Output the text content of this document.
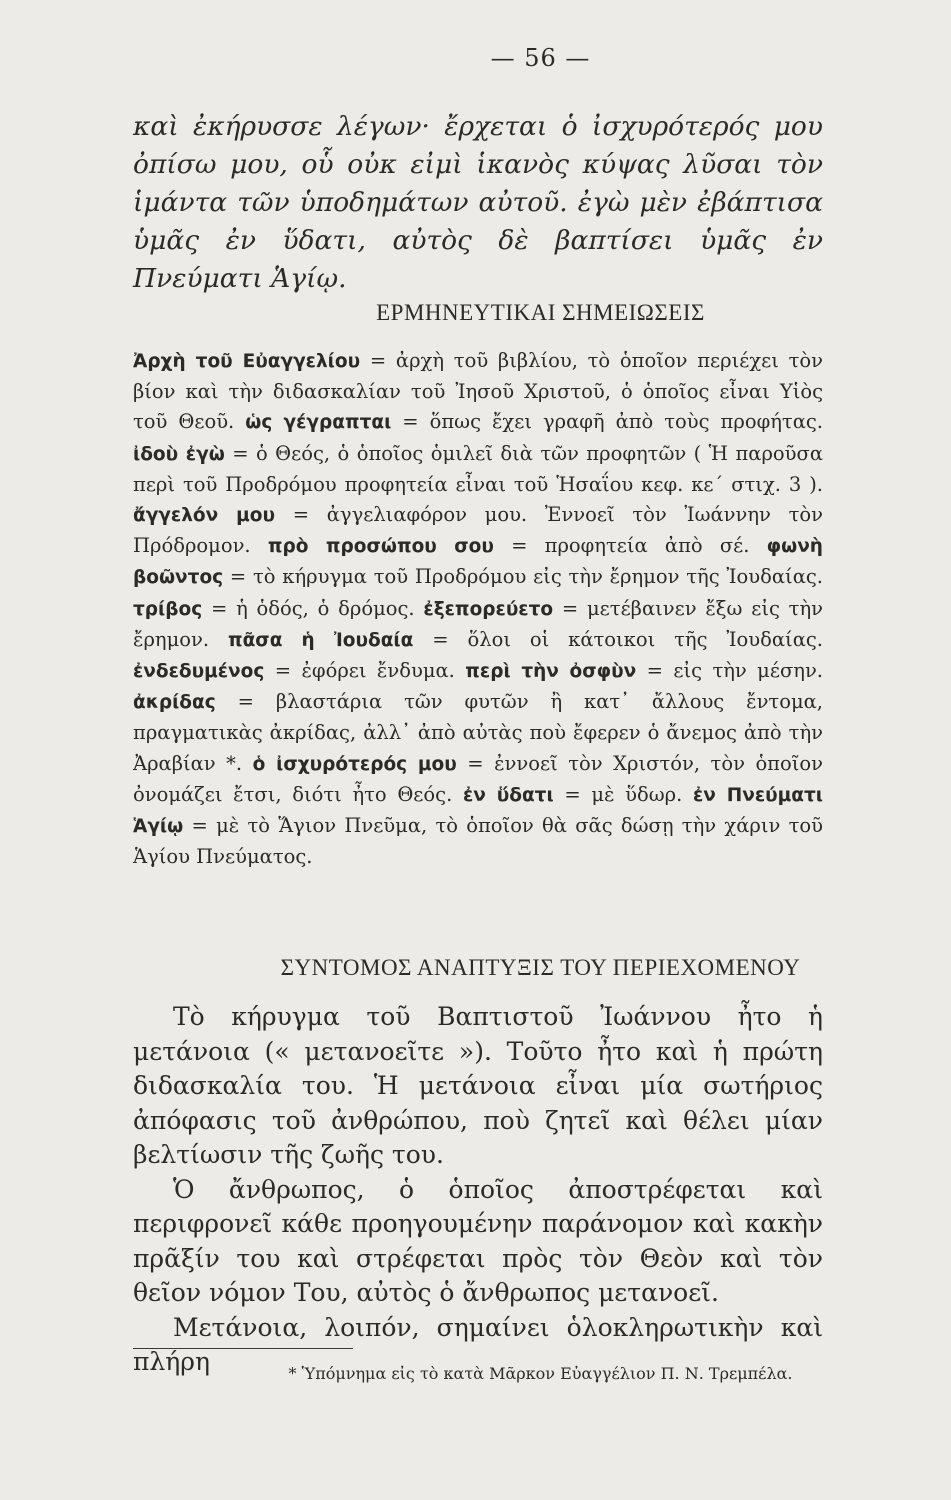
— 56 —
καὶ ἐκήρυσσε λέγων· ἔρχεται ὁ ἰσχυρότερός μου ὀπίσω μου, οὗ οὐκ εἰμὶ ἱκανὸς κύψας λῦσαι τὸν ἱμάντα τῶν ὑποδημάτων αὐτοῦ. ἐγὼ μὲν ἐβάπτισα ὑμᾶς ἐν ὕδατι, αὐτὸς δὲ βαπτίσει ὑμᾶς ἐν Πνεύματι Ἁγίῳ.
ΕΡΜΗΝΕΥΤΙΚΑΙ ΣΗΜΕΙΩΣΕΙΣ
Ἀρχὴ τοῦ Εὐαγγελίου = ἀρχὴ τοῦ βιβλίου, τὸ ὁποῖον περιέχει τὸν βίον καὶ τὴν διδασκαλίαν τοῦ Ἰησοῦ Χριστοῦ, ὁ ὁποῖος εἶναι Υἱὸς τοῦ Θεοῦ. ὡς γέγραπται = ὅπως ἔχει γραφῆ ἀπὸ τοὺς προφήτας. ἰδοὺ ἐγὼ = ὁ Θεός, ὁ ὁποῖος ὁμιλεῖ διὰ τῶν προφητῶν ( Ἡ παροῦσα περὶ τοῦ Προδρόμου προφητεία εἶναι τοῦ Ἡσαΐου κεφ. κε´ στιχ. 3 ). ἄγγελόν μου = ἀγγελιαφόρον μου. Ἐννοεῖ τὸν Ἰωάννην τὸν Πρόδρομον. πρὸ προσώπου σου = προφητεία ἀπὸ σέ. φωνὴ βοῶντος = τὸ κήρυγμα τοῦ Προδρόμου εἰς τὴν ἔρημον τῆς Ἰουδαίας. τρίβος = ἡ ὁδός, ὁ δρόμος. ἐξεπορεύετο = μετέβαινεν ἔξω εἰς τὴν ἔρημον. πᾶσα ἡ Ἰουδαία = ὅλοι οἱ κάτοικοι τῆς Ἰουδαίας. ἐνδεδυμένος = ἐφόρει ἔνδυμα. περὶ τὴν ὀσφὺν = εἰς τὴν μέσην. ἀκρίδας = βλαστάρια τῶν φυτῶν ἢ κατ᾽ ἄλλους ἔντομα, πραγματικὰς ἀκρίδας, ἀλλ᾽ ἀπὸ αὐτὰς ποὺ ἔφερεν ὁ ἄνεμος ἀπὸ τὴν Ἀραβίαν *. ὁ ἰσχυρότερός μου = ἐννοεῖ τὸν Χριστόν, τὸν ὁποῖον ὀνομάζει ἔτσι, διότι ἦτο Θεός. ἐν ὕδατι = μὲ ὕδωρ. ἐν Πνεύματι Ἁγίῳ = μὲ τὸ Ἅγιον Πνεῦμα, τὸ ὁποῖον θὰ σᾶς δώσῃ τὴν χάριν τοῦ Ἁγίου Πνεύματος.
ΣΥΝΤΟΜΟΣ ΑΝΑΠΤΥΞΙΣ ΤΟΥ ΠΕΡΙΕΧΟΜΕΝΟΥ

Τὸ κήρυγμα τοῦ Βαπτιστοῦ Ἰωάννου ἦτο ἡ μετάνοια (« μετανοεῖτε »). Τοῦτο ἦτο καὶ ἡ πρώτη διδασκαλία του. Ἡ μετάνοια εἶναι μία σωτήριος ἀπόφασις τοῦ ἀνθρώπου, ποὺ ζητεῖ καὶ θέλει μίαν βελτίωσιν τῆς ζωῆς του.

Ὁ ἄνθρωπος, ὁ ὁποῖος ἀποστρέφεται καὶ περιφρονεῖ κάθε προηγουμένην παράνομον καὶ κακὴν πρᾶξίν του καὶ στρέφεται πρὸς τὸν Θεὸν καὶ τὸν θεῖον νόμον Του, αὐτὸς ὁ ἄνθρωπος μετανοεῖ.

Μετάνοια, λοιπόν, σημαίνει ὁλοκληρωτικὴν καὶ πλήρη	* Ὑπόμνημα εἰς τὸ κατὰ Μᾶρκον Εὐαγγέλιον Π. Ν. Τρεμπέλα.
